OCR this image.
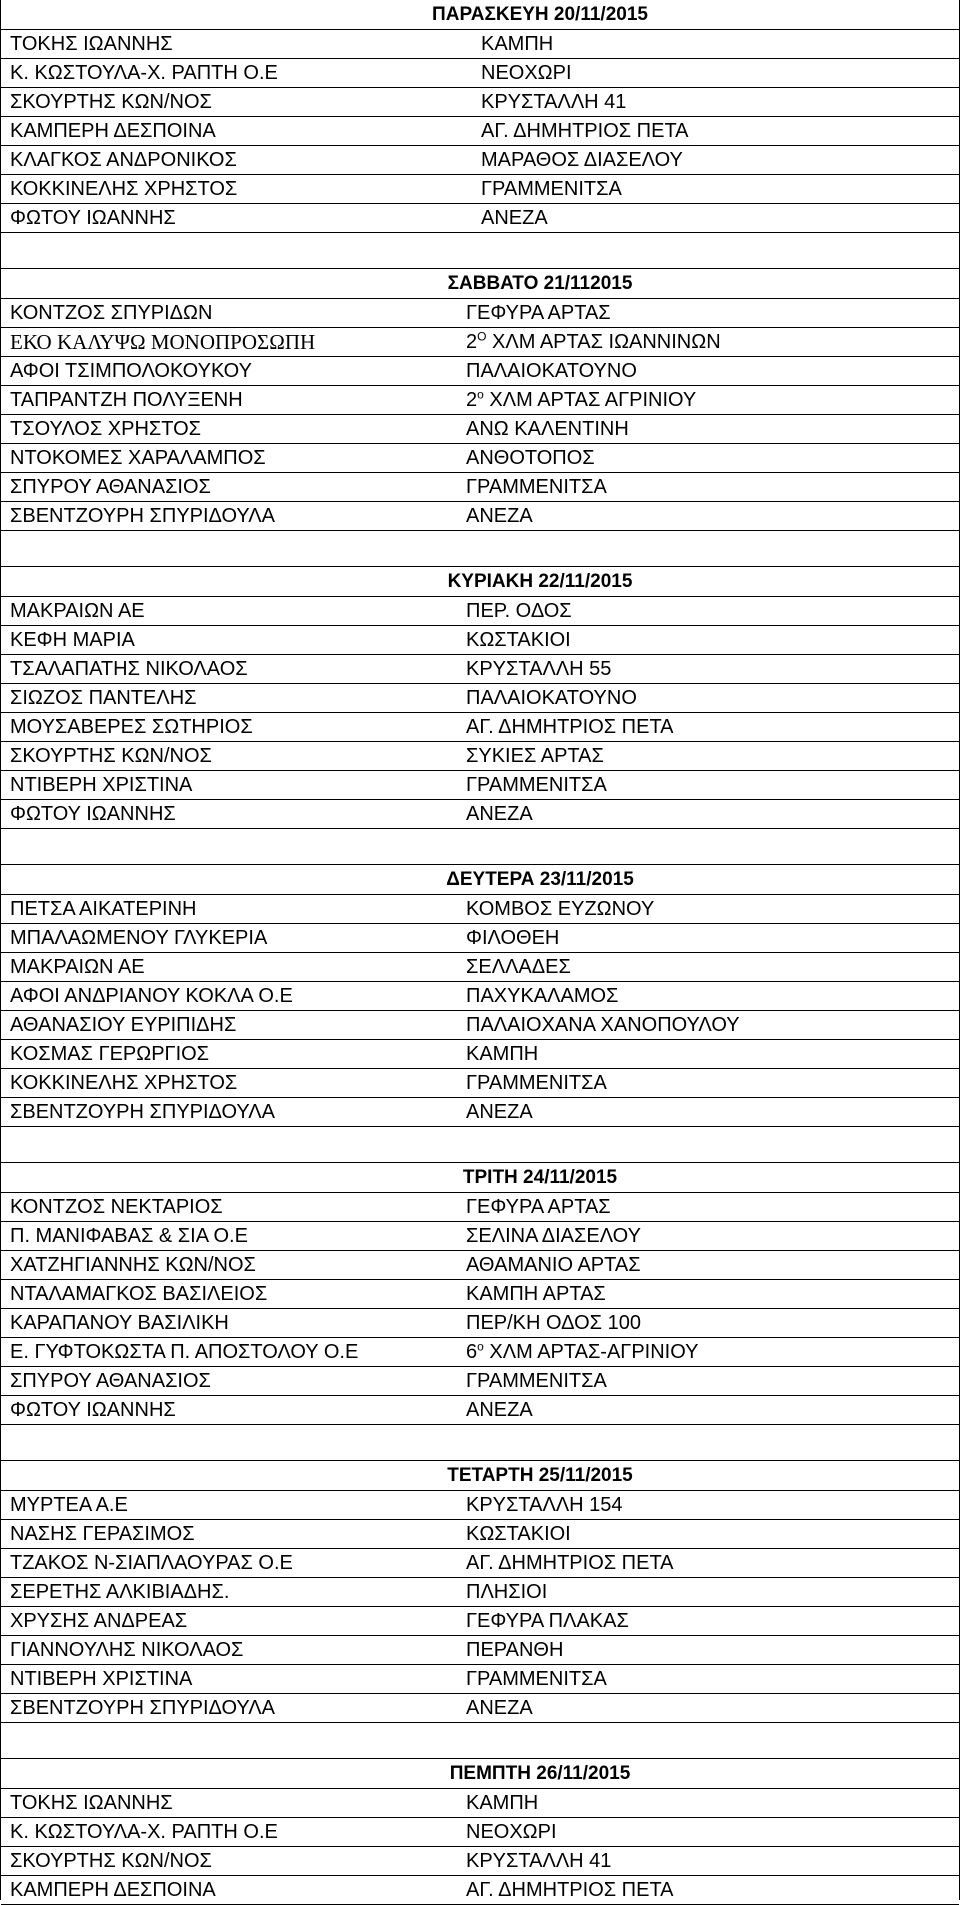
ΠΑΡΑΣΚΕΥΗ 20/11/2015
ΤΟΚΗΣ ΙΩΑΝΝΗΣ	ΚΑΜΠΗ
Κ. ΚΩΣΤΟΥΛΑ-Χ. ΡΑΠΤΗ Ο.Ε	ΝΕΟΧΩΡΙ
ΣΚΟΥΡΤΗΣ ΚΩΝ/ΝΟΣ	ΚΡΥΣΤΑΛΛΗ 41
ΚΑΜΠΕΡΗ ΔΕΣΠΟΙΝΑ	ΑΓ. ΔΗΜΗΤΡΙΟΣ ΠΕΤΑ
ΚΛΑΓΚΟΣ ΑΝΔΡΟΝΙΚΟΣ	ΜΑΡΑΘΟΣ ΔΙΑΣΕΛΟΥ
ΚΟΚΚΙΝΕΛΗΣ ΧΡΗΣΤΟΣ	ΓΡΑΜΜΕΝΙΤΣΑ
ΦΩΤΟΥ ΙΩΑΝΝΗΣ	ΑΝΕΖΑ
ΣΑΒΒΑΤΟ 21/112015
ΚΟΝΤΖΟΣ ΣΠΥΡΙΔΩΝ	ΓΕΦΥΡΑ ΑΡΤΑΣ
ΕΚΟ ΚΑΛΥΨΩ ΜΟΝΟΠΡΟΣΩΠΗ	$2^O$ ΧΛΜ ΑΡΤΑΣ ΙΩΑΝΝΙΝΩΝ
ΑΦΟΙ ΤΣΙΜΠΟΛΟΚΟΥΚΟΥ	ΠΑΛΑΙΟΚΑΤΟΥΝΟ
ΤΑΠΡΑΝΤΖΗ ΠΟΛΥΞΕΝΗ	$2^o$ ΧΛΜ ΑΡΤΑΣ ΑΓΡΙΝΙΟΥ
ΤΣΟΥΛΟΣ ΧΡΗΣΤΟΣ	ΑΝΩ ΚΑΛΕΝΤΙΝΗ
ΝΤΟΚΟΜΕΣ ΧΑΡΑΛΑΜΠΟΣ	ΑΝΘΟΤΟΠΟΣ
ΣΠΥΡΟΥ ΑΘΑΝΑΣΙΟΣ	ΓΡΑΜΜΕΝΙΤΣΑ
ΣΒΕΝΤΖΟΥΡΗ ΣΠΥΡΙΔΟΥΛΑ	ΑΝΕΖΑ
ΚΥΡΙΑΚΗ 22/11/2015
ΜΑΚΡΑΙΩΝ ΑΕ	ΠΕΡ. ΟΔΟΣ
ΚΕΦΗ ΜΑΡΙΑ	ΚΩΣΤΑΚΙΟΙ
ΤΣΑΛΑΠΑΤΗΣ ΝΙΚΟΛΑΟΣ	ΚΡΥΣΤΑΛΛΗ 55
ΣΙΩΖΟΣ ΠΑΝΤΕΛΗΣ	ΠΑΛΑΙΟΚΑΤΟΥΝΟ
ΜΟΥΣΑΒΕΡΕΣ ΣΩΤΗΡΙΟΣ	ΑΓ. ΔΗΜΗΤΡΙΟΣ ΠΕΤΑ
ΣΚΟΥΡΤΗΣ ΚΩΝ/ΝΟΣ	ΣΥΚΙΕΣ ΑΡΤΑΣ
ΝΤΙΒΕΡΗ ΧΡΙΣΤΙΝΑ	ΓΡΑΜΜΕΝΙΤΣΑ
ΦΩΤΟΥ ΙΩΑΝΝΗΣ	ΑΝΕΖΑ
ΔΕΥΤΕΡΑ 23/11/2015
ΠΕΤΣΑ ΑΙΚΑΤΕΡΙΝΗ	ΚΟΜΒΟΣ ΕΥΖΩΝΟΥ
ΜΠΑΛΑΩΜΕΝΟΥ ΓΛΥΚΕΡΙΑ	ΦΙΛΟΘΕΗ
ΜΑΚΡΑΙΩΝ ΑΕ	ΣΕΛΛΑΔΕΣ
ΑΦΟΙ ΑΝΔΡΙΑΝΟΥ ΚΟΚΛΑ Ο.Ε	ΠΑΧΥΚΑΛΑΜΟΣ
ΑΘΑΝΑΣΙΟΥ ΕΥΡΙΠΙΔΗΣ	ΠΑΛΑΙΟΧΑΝΑ ΧΑΝΟΠΟΥΛΟΥ
ΚΟΣΜΑΣ ΓΕΡΩΡΓΙΟΣ	ΚΑΜΠΗ
ΚΟΚΚΙΝΕΛΗΣ ΧΡΗΣΤΟΣ	ΓΡΑΜΜΕΝΙΤΣΑ
ΣΒΕΝΤΖΟΥΡΗ ΣΠΥΡΙΔΟΥΛΑ	ΑΝΕΖΑ
ΤΡΙΤΗ 24/11/2015
ΚΟΝΤΖΟΣ ΝΕΚΤΑΡΙΟΣ	ΓΕΦΥΡΑ ΑΡΤΑΣ
Π. ΜΑΝΙΦΑΒΑΣ & ΣΙΑ Ο.Ε	ΣΕΛΙΝΑ ΔΙΑΣΕΛΟΥ
ΧΑΤΖΗΓΙΑΝΝΗΣ ΚΩΝ/ΝΟΣ	ΑΘΑΜΑΝΙΟ ΑΡΤΑΣ
ΝΤΑΛΑΜΑΓΚΟΣ ΒΑΣΙΛΕΙΟΣ	ΚΑΜΠΗ ΑΡΤΑΣ
ΚΑΡΑΠΑΝΟΥ ΒΑΣΙΛΙΚΗ	ΠΕΡ/ΚΗ ΟΔΟΣ 100
Ε. ΓΥΦΤΟΚΩΣΤΑ Π. ΑΠΟΣΤΟΛΟΥ Ο.Ε	$6^o$ ΧΛΜ ΑΡΤΑΣ-ΑΓΡΙΝΙΟΥ
ΣΠΥΡΟΥ ΑΘΑΝΑΣΙΟΣ	ΓΡΑΜΜΕΝΙΤΣΑ
ΦΩΤΟΥ ΙΩΑΝΝΗΣ	ΑΝΕΖΑ
ΤΕΤΑΡΤΗ 25/11/2015
ΜΥΡΤΕΑ Α.Ε	ΚΡΥΣΤΑΛΛΗ 154
ΝΑΣΗΣ ΓΕΡΑΣΙΜΟΣ	ΚΩΣΤΑΚΙΟΙ
ΤΖΑΚΟΣ Ν-ΣΙΑΠΛΑΟΥΡΑΣ Ο.Ε	ΑΓ. ΔΗΜΗΤΡΙΟΣ ΠΕΤΑ
ΣΕΡΕΤΗΣ ΑΛΚΙΒΙΑΔΗΣ.	ΠΛΗΣΙΟΙ
ΧΡΥΣΗΣ ΑΝΔΡΕΑΣ	ΓΕΦΥΡΑ ΠΛΑΚΑΣ
ΓΙΑΝΝΟΥΛΗΣ ΝΙΚΟΛΑΟΣ	ΠΕΡΑΝΘΗ
ΝΤΙΒΕΡΗ ΧΡΙΣΤΙΝΑ	ΓΡΑΜΜΕΝΙΤΣΑ
ΣΒΕΝΤΖΟΥΡΗ ΣΠΥΡΙΔΟΥΛΑ	ΑΝΕΖΑ
ΠΕΜΠΤΗ 26/11/2015
ΤΟΚΗΣ ΙΩΑΝΝΗΣ	ΚΑΜΠΗ
Κ. ΚΩΣΤΟΥΛΑ-Χ. ΡΑΠΤΗ Ο.Ε	ΝΕΟΧΩΡΙ
ΣΚΟΥΡΤΗΣ ΚΩΝ/ΝΟΣ	ΚΡΥΣΤΑΛΛΗ 41
ΚΑΜΠΕΡΗ ΔΕΣΠΟΙΝΑ	ΑΓ. ΔΗΜΗΤΡΙΟΣ ΠΕΤΑ
